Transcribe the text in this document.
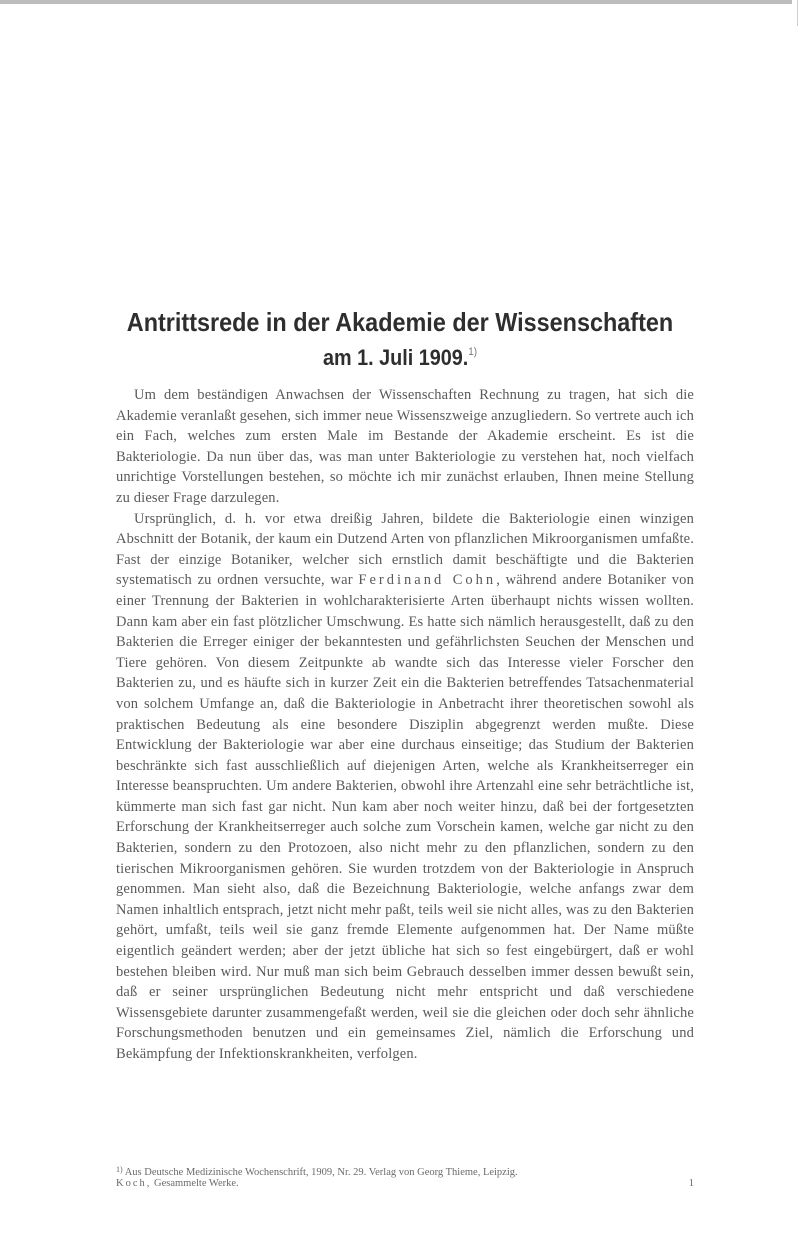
Antrittsrede in der Akademie der Wissenschaften
am 1. Juli 1909.$^{1)}$

Um dem beständigen Anwachsen der Wissenschaften Rechnung zu tragen, hat sich die Akademie veranlaßt gesehen, sich immer neue Wissenszweige anzugliedern. So vertrete auch ich ein Fach, welches zum ersten Male im Bestande der Akademie erscheint. Es ist die Bakteriologie. Da nun über das, was man unter Bakteriologie zu verstehen hat, noch vielfach unrichtige Vorstellungen bestehen, so möchte ich mir zunächst erlauben, Ihnen meine Stellung zu dieser Frage darzulegen.

Ursprünglich, d. h. vor etwa dreißig Jahren, bildete die Bakteriologie einen winzigen Abschnitt der Botanik, der kaum ein Dutzend Arten von pflanzlichen Mikroorganismen umfaßte. Fast der einzige Botaniker, welcher sich ernstlich damit beschäftigte und die Bakterien systematisch zu ordnen versuchte, war Ferdinand Cohn, während andere Botaniker von einer Trennung der Bakterien in wohlcharakterisierte Arten überhaupt nichts wissen wollten. Dann kam aber ein fast plötzlicher Umschwung. Es hatte sich nämlich herausgestellt, daß zu den Bakterien die Erreger einiger der bekanntesten und gefährlichsten Seuchen der Menschen und Tiere gehören. Von diesem Zeitpunkte ab wandte sich das Interesse vieler Forscher den Bakterien zu, und es häufte sich in kurzer Zeit ein die Bakterien betreffendes Tatsachenmaterial von solchem Umfange an, daß die Bakteriologie in Anbetracht ihrer theoretischen sowohl als praktischen Bedeutung als eine besondere Disziplin abgegrenzt werden mußte. Diese Entwicklung der Bakteriologie war aber eine durchaus einseitige; das Studium der Bakterien beschränkte sich fast ausschließlich auf diejenigen Arten, welche als Krankheitserreger ein Interesse beanspruchten. Um andere Bakterien, obwohl ihre Artenzahl eine sehr beträchtliche ist, kümmerte man sich fast gar nicht. Nun kam aber noch weiter hinzu, daß bei der fortgesetzten Erforschung der Krankheitserreger auch solche zum Vorschein kamen, welche gar nicht zu den Bakterien, sondern zu den Protozoen, also nicht mehr zu den pflanzlichen, sondern zu den tierischen Mikroorganismen gehören. Sie wurden trotzdem von der Bakteriologie in Anspruch genommen. Man sieht also, daß die Bezeichnung Bakteriologie, welche anfangs zwar dem Namen inhaltlich entsprach, jetzt nicht mehr paßt, teils weil sie nicht alles, was zu den Bakterien gehört, umfaßt, teils weil sie ganz fremde Elemente aufgenommen hat. Der Name müßte eigentlich geändert werden; aber der jetzt übliche hat sich so fest eingebürgert, daß er wohl bestehen bleiben wird. Nur muß man sich beim Gebrauch desselben immer dessen bewußt sein, daß er seiner ursprünglichen Bedeutung nicht mehr entspricht und daß verschiedene Wissensgebiete darunter zusammengefaßt werden, weil sie die gleichen oder doch sehr ähnliche Forschungsmethoden benutzen und ein gemeinsames Ziel, nämlich die Erforschung und Bekämpfung der Infektionskrankheiten, verfolgen.

$^{1)}$ Aus Deutsche Medizinische Wochenschrift, 1909, Nr. 29. Verlag von Georg Thieme, Leipzig.
Koch, Gesammelte Werke.	1
